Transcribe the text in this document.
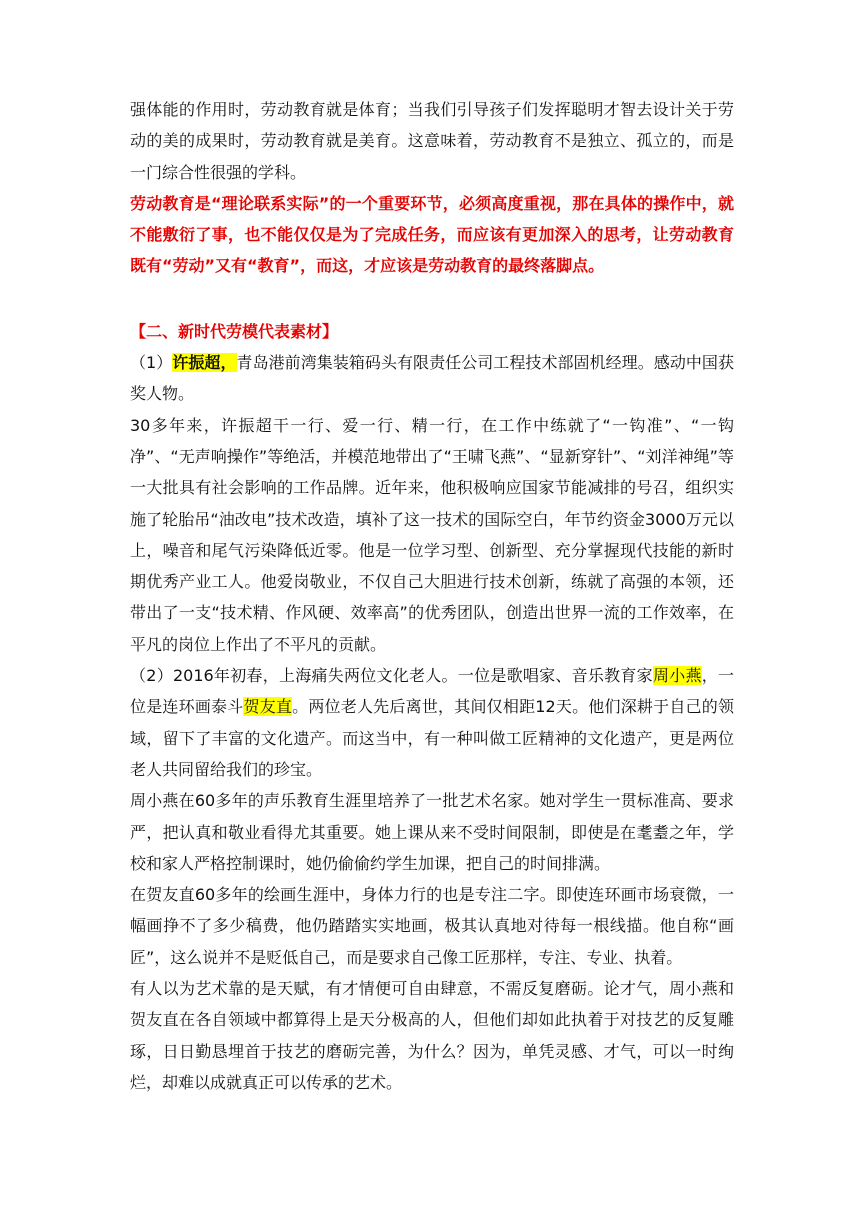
强体能的作用时，劳动教育就是体育；当我们引导孩子们发挥聪明才智去设计关于劳动的美的成果时，劳动教育就是美育。这意味着，劳动教育不是独立、孤立的，而是一门综合性很强的学科。

劳动教育是“理论联系实际”的一个重要环节，必须高度重视，那在具体的操作中，就不能敷衍了事，也不能仅仅是为了完成任务，而应该有更加深入的思考，让劳动教育既有“劳动”又有“教育”，而这，才应该是劳动教育的最终落脚点。

【二、新时代劳模代表素材】

（1）许振超，青岛港前湾集装箱码头有限责任公司工程技术部固机经理。感动中国获奖人物。

30多年来，许振超干一行、爱一行、精一行，在工作中练就了“一钩准”、“一钩净”、“无声响操作”等绝活，并模范地带出了“王啸飞燕”、“显新穿针”、“刘洋神绳”等一大批具有社会影响的工作品牌。近年来，他积极响应国家节能减排的号召，组织实施了轮胎吊“油改电”技术改造，填补了这一技术的国际空白，年节约资金3000万元以上，噪音和尾气污染降低近零。他是一位学习型、创新型、充分掌握现代技能的新时期优秀产业工人。他爱岗敬业，不仅自己大胆进行技术创新，练就了高强的本领，还带出了一支“技术精、作风硬、效率高”的优秀团队，创造出世界一流的工作效率，在平凡的岗位上作出了不平凡的贡献。

（2）2016年初春，上海痛失两位文化老人。一位是歌唱家、音乐教育家周小燕，一位是连环画泰斗贺友直。两位老人先后离世，其间仅相距12天。他们深耕于自己的领域，留下了丰富的文化遗产。而这当中，有一种叫做工匠精神的文化遗产，更是两位老人共同留给我们的珍宝。

周小燕在60多年的声乐教育生涯里培养了一批艺术名家。她对学生一贯标准高、要求严，把认真和敬业看得尤其重要。她上课从来不受时间限制，即使是在耄耋之年，学校和家人严格控制课时，她仍偷偷约学生加课，把自己的时间排满。

在贺友直60多年的绘画生涯中，身体力行的也是专注二字。即使连环画市场衰微，一幅画挣不了多少稿费，他仍踏踏实实地画，极其认真地对待每一根线描。他自称“画匠”，这么说并不是贬低自己，而是要求自己像工匠那样，专注、专业、执着。

有人以为艺术靠的是天赋，有才情便可自由肆意，不需反复磨砺。论才气，周小燕和贺友直在各自领域中都算得上是天分极高的人，但他们却如此执着于对技艺的反复雕琢，日日勤恳埋首于技艺的磨砺完善，为什么？因为，单凭灵感、才气，可以一时绚烂，却难以成就真正可以传承的艺术。
